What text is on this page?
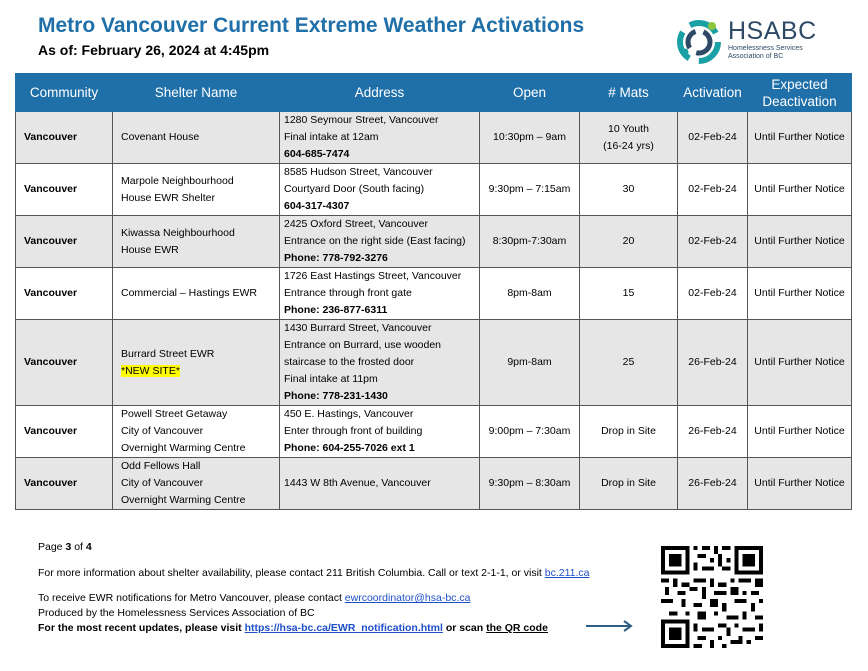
Metro Vancouver Current Extreme Weather Activations
As of: February 26, 2024 at 4:45pm
HSABC
Homelessness Services Association of BC
Community	Shelter Name	Address	Open	# Mats	Activation	Expected Deactivation
Vancouver	Covenant House	1280 Seymour Street, Vancouver
Final intake at 12am
604-685-7474	10:30pm – 9am	10 Youth
(16-24 yrs)	02-Feb-24	Until Further Notice
Vancouver	Marpole Neighbourhood
House EWR Shelter	8585 Hudson Street, Vancouver
Courtyard Door (South facing)
604-317-4307	9:30pm – 7:15am	30	02-Feb-24	Until Further Notice
Vancouver	Kiwassa Neighbourhood
House EWR	2425 Oxford Street, Vancouver
Entrance on the right side (East facing)
Phone: 778-792-3276	8:30pm-7:30am	20	02-Feb-24	Until Further Notice
Vancouver	Commercial – Hastings EWR	1726 East Hastings Street, Vancouver
Entrance through front gate
Phone: 236-877-6311	8pm-8am	15	02-Feb-24	Until Further Notice
Vancouver	Burrard Street EWR
*NEW SITE*	1430 Burrard Street, Vancouver
Entrance on Burrard, use wooden
staircase to the frosted door
Final intake at 11pm
Phone: 778-231-1430	9pm-8am	25	26-Feb-24	Until Further Notice
Vancouver	Powell Street Getaway
City of Vancouver
Overnight Warming Centre	450 E. Hastings, Vancouver
Enter through front of building
Phone: 604-255-7026 ext 1	9:00pm – 7:30am	Drop in Site	26-Feb-24	Until Further Notice
Vancouver	Odd Fellows Hall
City of Vancouver
Overnight Warming Centre	1443 W 8th Avenue, Vancouver	9:30pm – 8:30am	Drop in Site	26-Feb-24	Until Further Notice
Page 3 of 4
For more information about shelter availability, please contact 211 British Columbia. Call or text 2-1-1, or visit bc.211.ca
To receive EWR notifications for Metro Vancouver, please contact ewrcoordinator@hsa-bc.ca
Produced by the Homelessness Services Association of BC
For the most recent updates, please visit https://hsa-bc.ca/EWR_notification.html or scan the QR code
